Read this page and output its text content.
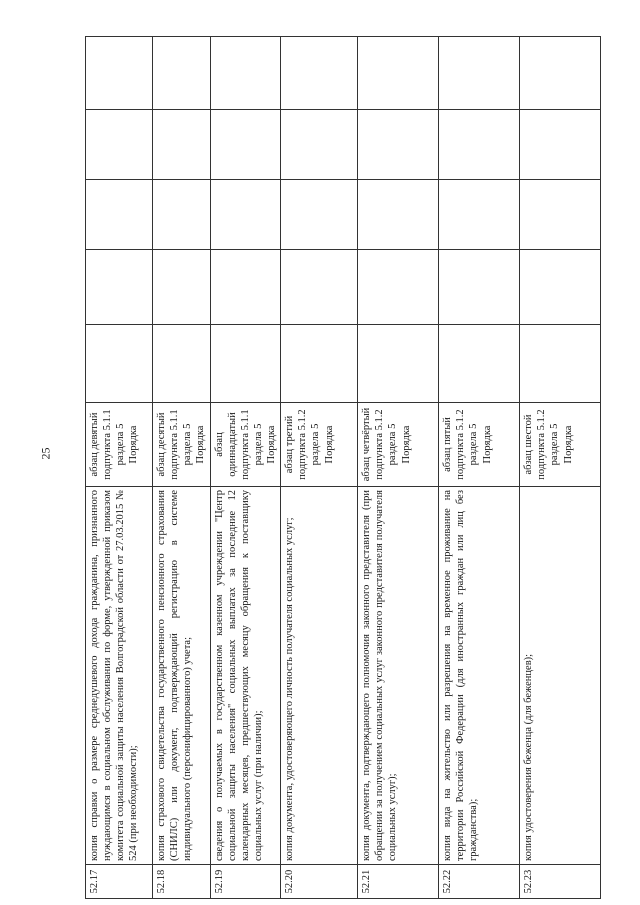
25
52.17	копия справки о размере среднедушевого дохода гражданина, признанного нуждающимся в социальном обслуживании по форме, утвержденной приказом комитета социальной защиты населения Волгоградской области от 27.03.2015 № 524 (при необходимости);	абзац девятый подпункта 5.1.1 раздела 5 Порядка					
52.18	копия страхового свидетельства государственного пенсионного страхования (СНИЛС) или документ, подтверждающий регистрацию в системе индивидуального (персонифицированного) учета;	абзац десятый подпункта 5.1.1 раздела 5 Порядка					
52.19	сведения о получаемых в государственном казенном учреждении "Центр социальной защиты населения" социальных выплатах за последние 12 календарных месяцев, предшествующих месяцу обращения к поставщику социальных услуг (при наличии);	абзац одиннадцатый подпункта 5.1.1 раздела 5 Порядка					
52.20	копия документа, удостоверяющего личность получателя социальных услуг;	абзац третий подпункта 5.1.2 раздела 5 Порядка					
52.21	копия документа, подтверждающего полномочия законного представителя (при обращении за получением социальных услуг законного представителя получателя социальных услуг);	абзац четвёртый подпункта 5.1.2 раздела 5 Порядка					
52.22	копия вида на жительство или разрешения на временное проживание на территории Российской Федерации (для иностранных граждан или лиц без гражданства);	абзац пятый подпункта 5.1.2 раздела 5 Порядка					
52.23	копия удостоверения беженца (для беженцев);	абзац шестой подпункта 5.1.2 раздела 5 Порядка					
